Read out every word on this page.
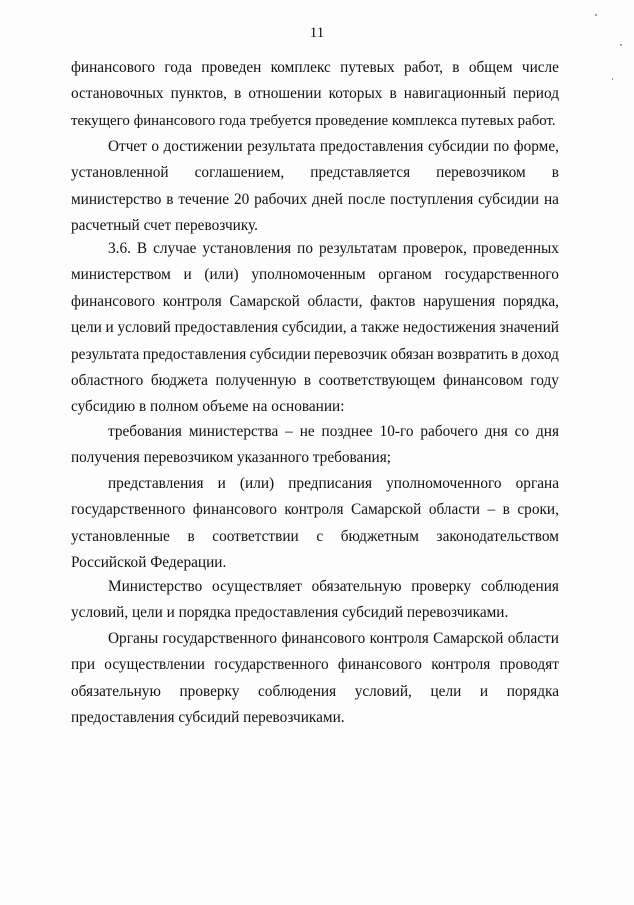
11
финансового года проведен комплекс путевых работ, в общем числе
остановочных пунктов, в отношении которых в навигационный период
текущего финансового года требуется проведение комплекса путевых работ.
Отчет о достижении результата предоставления субсидии по форме,
установленной соглашением, представляется перевозчиком в
министерство в течение 20 рабочих дней после поступления субсидии на
расчетный счет перевозчику.
3.6. В случае установления по результатам проверок, проведенных
министерством и (или) уполномоченным органом государственного
финансового контроля Самарской области, фактов нарушения порядка,
цели и условий предоставления субсидии, а также недостижения значений
результата предоставления субсидии перевозчик обязан возвратить в доход
областного бюджета полученную в соответствующем финансовом году
субсидию в полном объеме на основании:
требования министерства – не позднее 10-го рабочего дня со дня
получения перевозчиком указанного требования;
представления и (или) предписания уполномоченного органа
государственного финансового контроля Самарской области – в сроки,
установленные в соответствии с бюджетным законодательством
Российской Федерации.
Министерство осуществляет обязательную проверку соблюдения
условий, цели и порядка предоставления субсидий перевозчиками.
Органы государственного финансового контроля Самарской области
при осуществлении государственного финансового контроля проводят
обязательную проверку соблюдения условий, цели и порядка
предоставления субсидий перевозчиками.
